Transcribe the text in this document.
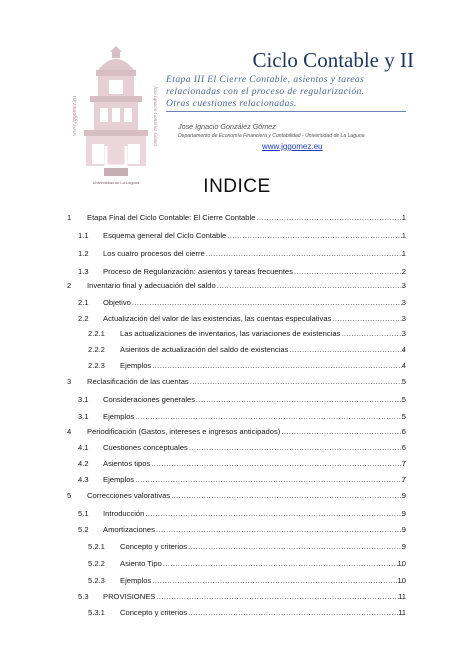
www.jggomez.eu	José Ignacio González Gómez
Universidad de La Laguna
Ciclo Contable y II
Etapa III El Cierre Contable, asientos y tareas
relacionadas con el proceso de regularización.
Otras cuestiones relacionadas.
Jose Ignacio González Gómez
Departamento de Economía Financiera y Contabilidad - Universidad de La Laguna
www.jggomez.eu
INDICE
1 Etapa Final del Ciclo Contable: El Cierre Contable .....	1
1.1 Esquema general del Ciclo Contable .....	1
1.2 Los cuatro procesos del cierre .....	1
1.3 Proceso de Regularización: asientos y tareas frecuentes .....	2
2 Inventario final y adecuación del saldo .....	3
2.1 Objetivo .....	3
2.2 Actualización del valor de las existencias, las cuentas especulativas .....	3
2.2.1 Las actualizaciones de inventarios, las variaciones de existencias .....	3
2.2.2 Asientos de actualización del saldo de existencias .....	4
2.2.3 Ejemplos .....	4
3 Reclasificación de las cuentas .....	5
3.1 Consideraciones generales .....	5
3.1 Ejemplos .....	5
4 Periodificación (Gastos, intereses e ingresos anticipados) .....	6
4.1 Cuestiones conceptuales .....	6
4.2 Asientos tipos .....	7
4.3 Ejemplos .....	7
5 Correcciones valorativas .....	9
5.1 Introducción .....	9
5.2 Amortizaciones .....	9
5.2.1 Concepto y criterios .....	9
5.2.2 Asiento Tipo .....	10
5.2.3 Ejemplos .....	10
5.3 PROVISIONES .....	11
5.3.1 Concepto y criterios .....	11
